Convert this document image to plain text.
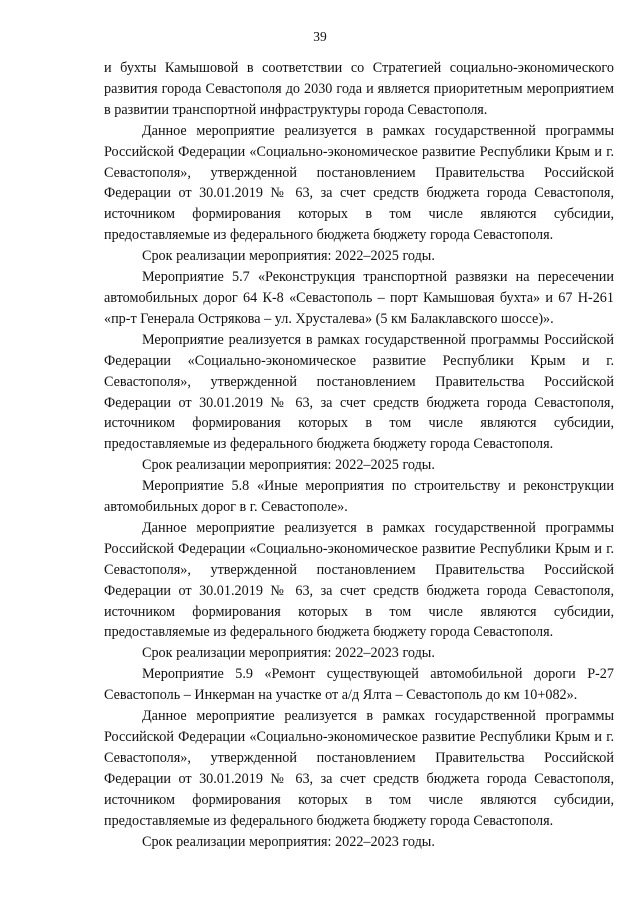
39

и бухты Камышовой в соответствии со Стратегией социально-экономического развития города Севастополя до 2030 года и является приоритетным мероприятием в развитии транспортной инфраструктуры города Севастополя.

Данное мероприятие реализуется в рамках государственной программы Российской Федерации «Социально-экономическое развитие Республики Крым и г. Севастополя», утвержденной постановлением Правительства Российской Федерации от 30.01.2019 № 63, за счет средств бюджета города Севастополя, источником формирования которых в том числе являются субсидии, предоставляемые из федерального бюджета бюджету города Севастополя.

Срок реализации мероприятия: 2022–2025 годы.

Мероприятие 5.7 «Реконструкция транспортной развязки на пересечении автомобильных дорог 64 К-8 «Севастополь – порт Камышовая бухта» и 67 Н-261 «пр-т Генерала Острякова – ул. Хрусталева» (5 км Балаклавского шоссе)».

Мероприятие реализуется в рамках государственной программы Российской Федерации «Социально-экономическое развитие Республики Крым и г. Севастополя», утвержденной постановлением Правительства Российской Федерации от 30.01.2019 № 63, за счет средств бюджета города Севастополя, источником формирования которых в том числе являются субсидии, предоставляемые из федерального бюджета бюджету города Севастополя.

Срок реализации мероприятия: 2022–2025 годы.

Мероприятие 5.8 «Иные мероприятия по строительству и реконструкции автомобильных дорог в г. Севастополе».

Данное мероприятие реализуется в рамках государственной программы Российской Федерации «Социально-экономическое развитие Республики Крым и г. Севастополя», утвержденной постановлением Правительства Российской Федерации от 30.01.2019 № 63, за счет средств бюджета города Севастополя, источником формирования которых в том числе являются субсидии, предоставляемые из федерального бюджета бюджету города Севастополя.

Срок реализации мероприятия: 2022–2023 годы.

Мероприятие 5.9 «Ремонт существующей автомобильной дороги Р-27 Севастополь – Инкерман на участке от а/д Ялта – Севастополь до км 10+082».

Данное мероприятие реализуется в рамках государственной программы Российской Федерации «Социально-экономическое развитие Республики Крым и г. Севастополя», утвержденной постановлением Правительства Российской Федерации от 30.01.2019 № 63, за счет средств бюджета города Севастополя, источником формирования которых в том числе являются субсидии, предоставляемые из федерального бюджета бюджету города Севастополя.

Срок реализации мероприятия: 2022–2023 годы.
